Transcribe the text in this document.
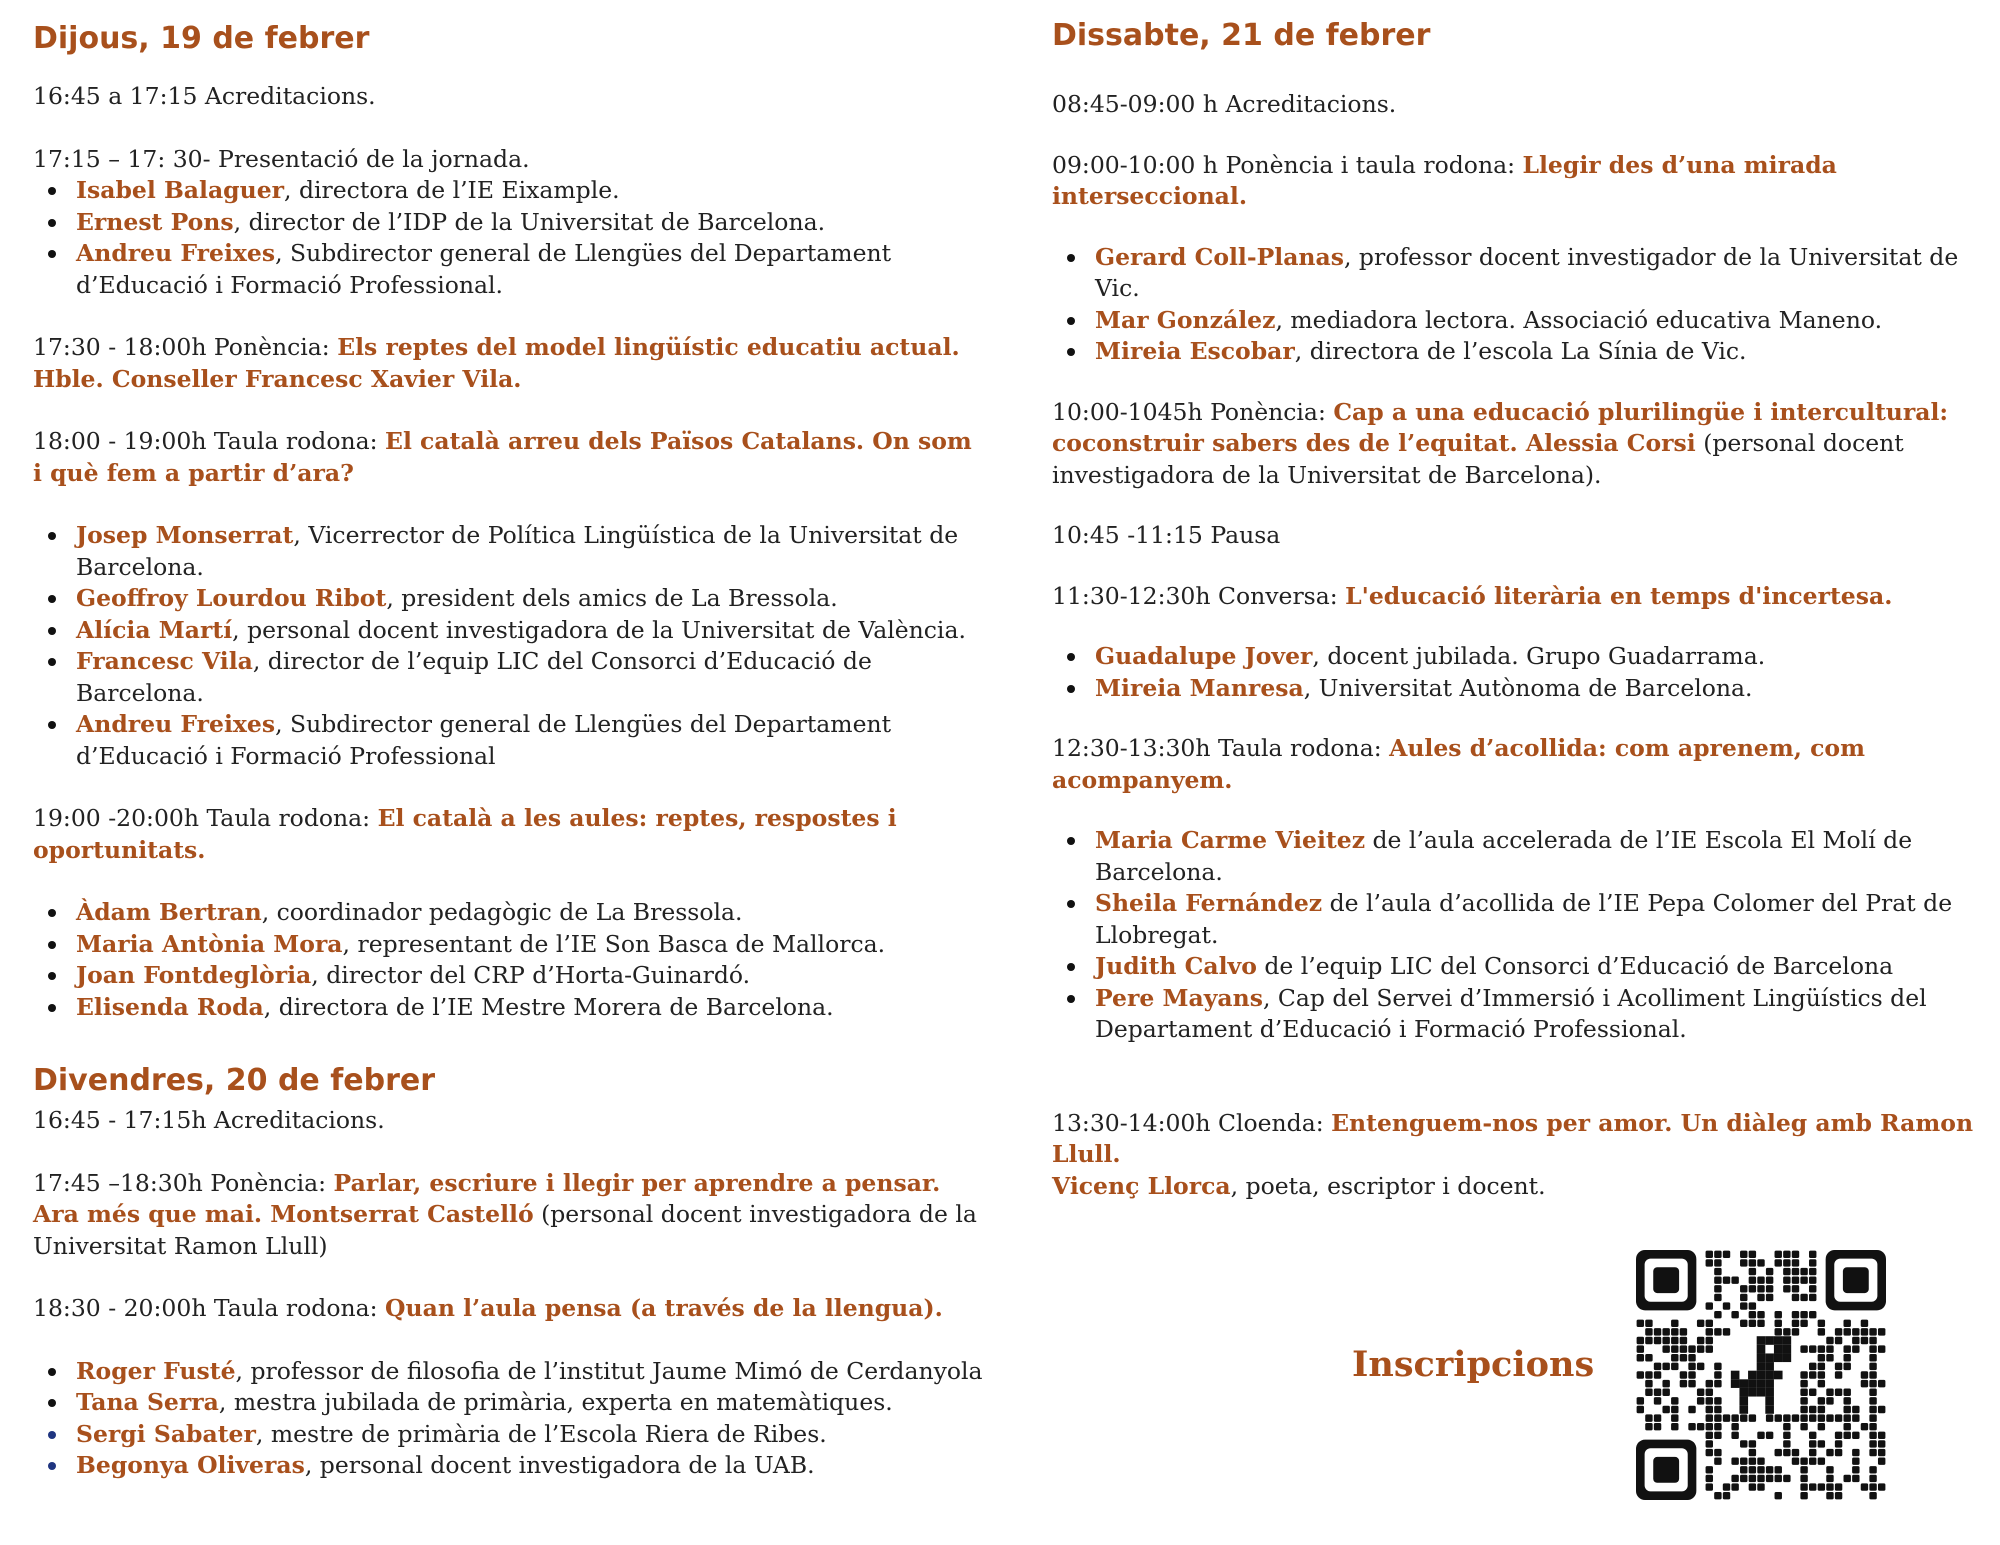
Dijous, 19 de febrer

16:45 a 17:15 Acreditacions.

17:15 – 17: 30- Presentació de la jornada.

Isabel Balaguer, directora de l’IE Eixample.
Ernest Pons, director de l’IDP de la Universitat de Barcelona.
Andreu Freixes, Subdirector general de Llengües del Departament d’Educació i Formació Professional.

17:30 - 18:00h Ponència: Els reptes del model lingüístic educatiu actual. Hble. Conseller Francesc Xavier Vila.

18:00 - 19:00h Taula rodona: El català arreu dels Països Catalans. On som i què fem a partir d’ara?

Josep Monserrat, Vicerrector de Política Lingüística de la Universitat de Barcelona.
Geoffroy Lourdou Ribot, president dels amics de La Bressola.
Alícia Martí, personal docent investigadora de la Universitat de València.
Francesc Vila, director de l’equip LIC del Consorci d’Educació de Barcelona.
Andreu Freixes, Subdirector general de Llengües del Departament d’Educació i Formació Professional

19:00 -20:00h Taula rodona: El català a les aules: reptes, respostes i oportunitats.

Àdam Bertran, coordinador pedagògic de La Bressola.
Maria Antònia Mora, representant de l’IE Son Basca de Mallorca.
Joan Fontdeglòria, director del CRP d’Horta-Guinardó.
Elisenda Roda, directora de l’IE Mestre Morera de Barcelona.
Divendres, 20 de febrer

16:45 - 17:15h Acreditacions.

17:45 –18:30h Ponència: Parlar, escriure i llegir per aprendre a pensar. Ara més que mai. Montserrat Castelló (personal docent investigadora de la Universitat Ramon Llull)

18:30 - 20:00h Taula rodona: Quan l’aula pensa (a través de la llengua).

Roger Fusté, professor de filosofia de l’institut Jaume Mimó de Cerdanyola
Tana Serra, mestra jubilada de primària, experta en matemàtiques.
Sergi Sabater, mestre de primària de l’Escola Riera de Ribes.
Begonya Oliveras, personal docent investigadora de la UAB.
Dissabte, 21 de febrer

08:45-09:00 h Acreditacions.

09:00-10:00 h Ponència i taula rodona: Llegir des d’una mirada interseccional.

Gerard Coll-Planas, professor docent investigador de la Universitat de Vic.
Mar González, mediadora lectora. Associació educativa Maneno.
Mireia Escobar, directora de l’escola La Sínia de Vic.

10:00-1045h Ponència: Cap a una educació plurilingüe i intercultural: coconstruir sabers des de l’equitat. Alessia Corsi (personal docent investigadora de la Universitat de Barcelona).

10:45 -11:15 Pausa

11:30-12:30h Conversa: L'educació literària en temps d'incertesa.

Guadalupe Jover, docent jubilada. Grupo Guadarrama.
Mireia Manresa, Universitat Autònoma de Barcelona.

12:30-13:30h Taula rodona: Aules d’acollida: com aprenem, com acompanyem.

Maria Carme Vieitez de l’aula accelerada de l’IE Escola El Molí de Barcelona.
Sheila Fernández de l’aula d’acollida de l’IE Pepa Colomer del Prat de Llobregat.
Judith Calvo de l’equip LIC del Consorci d’Educació de Barcelona
Pere Mayans, Cap del Servei d’Immersió i Acolliment Lingüístics del Departament d’Educació i Formació Professional.

13:30-14:00h Cloenda: Entenguem-nos per amor. Un diàleg amb Ramon Llull.
Vicenç Llorca, poeta, escriptor i docent.

Inscripcions
